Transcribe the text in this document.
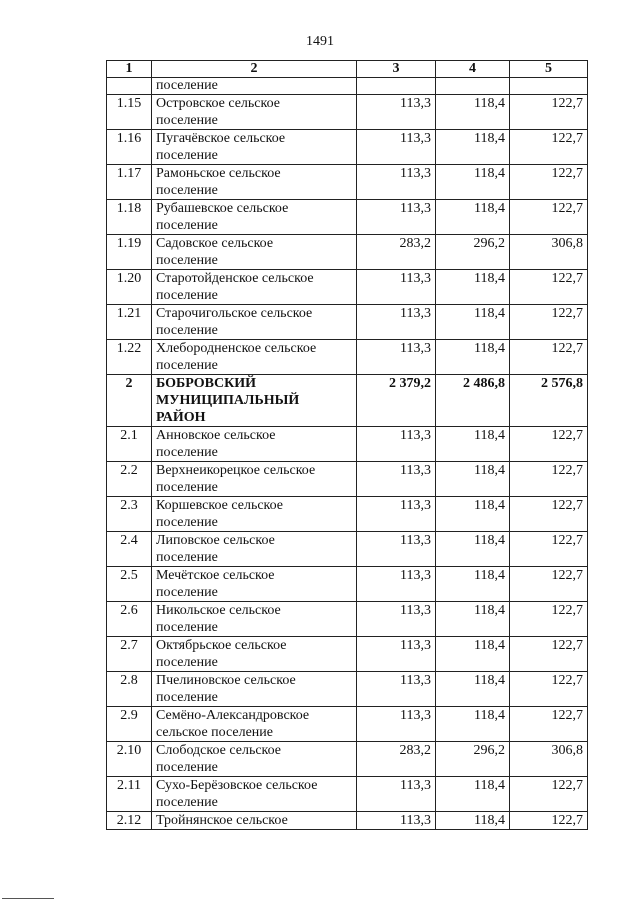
1491
1	2	3	4	5
	поселение			
1.15	Островское сельское
поселение	113,3	118,4	122,7
1.16	Пугачёвское сельское
поселение	113,3	118,4	122,7
1.17	Рамоньское сельское
поселение	113,3	118,4	122,7
1.18	Рубашевское сельское
поселение	113,3	118,4	122,7
1.19	Садовское сельское
поселение	283,2	296,2	306,8
1.20	Старотойденское сельское
поселение	113,3	118,4	122,7
1.21	Старочигольское сельское
поселение	113,3	118,4	122,7
1.22	Хлебородненское сельское
поселение	113,3	118,4	122,7
2	БОБРОВСКИЙ
МУНИЦИПАЛЬНЫЙ
РАЙОН	2 379,2	2 486,8	2 576,8
2.1	Анновское сельское
поселение	113,3	118,4	122,7
2.2	Верхнеикорецкое сельское
поселение	113,3	118,4	122,7
2.3	Коршевское сельское
поселение	113,3	118,4	122,7
2.4	Липовское сельское
поселение	113,3	118,4	122,7
2.5	Мечётское сельское
поселение	113,3	118,4	122,7
2.6	Никольское сельское
поселение	113,3	118,4	122,7
2.7	Октябрьское сельское
поселение	113,3	118,4	122,7
2.8	Пчелиновское сельское
поселение	113,3	118,4	122,7
2.9	Семёно-Александровское
сельское поселение	113,3	118,4	122,7
2.10	Слободское сельское
поселение	283,2	296,2	306,8
2.11	Сухо-Берёзовское сельское
поселение	113,3	118,4	122,7
2.12	Тройнянское сельское	113,3	118,4	122,7
